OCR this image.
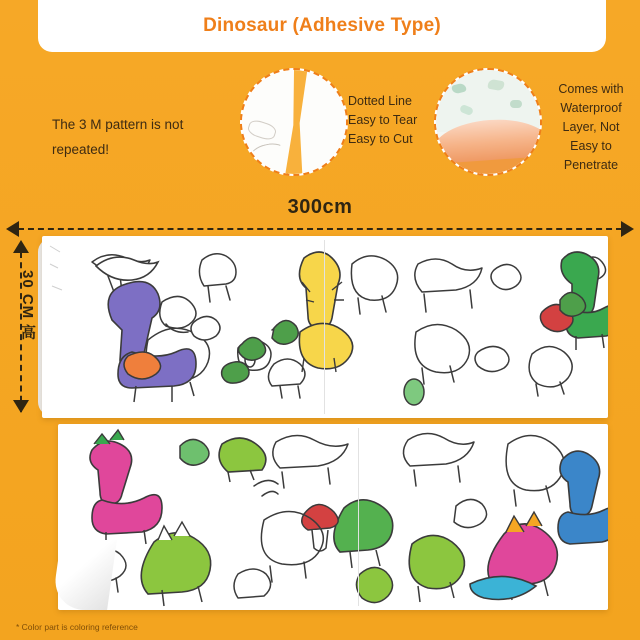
Dinosaur (Adhesive Type)
The 3 M pattern is not repeated!
Dotted Line Easy to Tear Easy to Cut
Comes with Waterproof Layer, Not Easy to Penetrate
300cm
30 CM 高
* Color part is coloring reference
